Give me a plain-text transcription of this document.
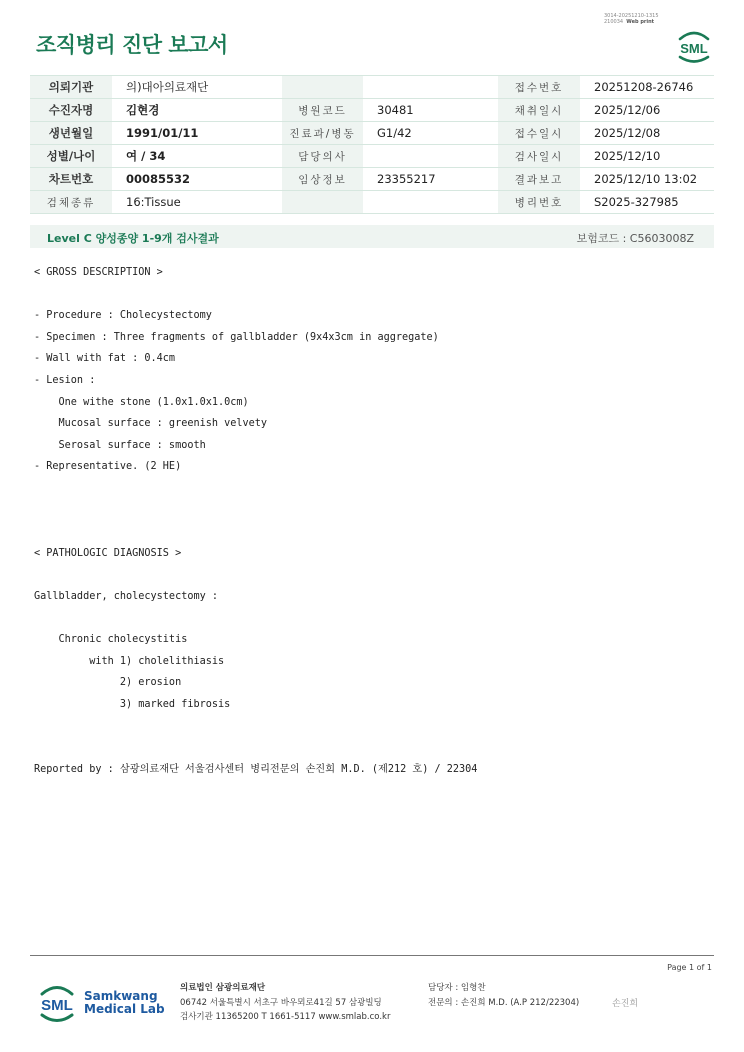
3014-20251210-1315
210034 Web print
조직병리 진단 보고서	SML
의뢰기관	의)대아의료재단			접수번호	20251208-26746
수진자명	김현경	병원코드	30481	채취일시	2025/12/06
생년월일	1991/01/11	진료과/병동	G1/42	접수일시	2025/12/08
성별/나이	여 / 34	담당의사		검사일시	2025/12/10
차트번호	00085532	임상정보	23355217	결과보고	2025/12/10 13:02
검체종류	16:Tissue			병리번호	S2025-327985
Level C 양성종양 1-9개 검사결과	보험코드 : C5603008Z
< GROSS DESCRIPTION >

- Procedure : Cholecystectomy
- Specimen : Three fragments of gallbladder (9x4x3cm in aggregate)
- Wall with fat : 0.4cm
- Lesion :
One withe stone (1.0x1.0x1.0cm)
Mucosal surface : greenish velvety
Serosal surface : smooth
- Representative. (2 HE)

< PATHOLOGIC DIAGNOSIS >

Gallbladder, cholecystectomy :

Chronic cholecystitis
with 1) cholelithiasis
2) erosion
3) marked fibrosis

Reported by : 삼광의료재단 서울검사센터 병리전문의 손진희 M.D. (제212 호) / 22304
Page 1 of 1
SML
Samkwang
Medical Lab
의료법인 삼광의료재단
06742 서울특별시 서초구 바우뫼로41길 57 삼광빌딩
검사기관 11365200 T 1661-5117 www.smlab.co.kr
담당자 : 임형찬
전문의 : 손진희 M.D. (A.P 212/22304)	손진희
